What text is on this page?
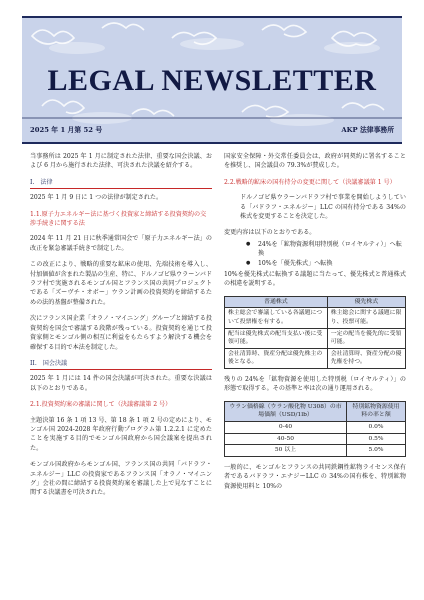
LEGAL NEWSLETTER
2025 年 1 月第 52 号	AKP 法律事務所

当事務所は 2025 年 1 月に制定された法律、重要な国会決議、および 6 月から施行された法律、可決された決議を紹介する。

I. 法律

2025 年 1 月 9 日に 1 つの法律が制定された。

1.1.原子力エネルギー法に基づく投資家と締結する投資契約の交渉手続きに関する法

2024 年 11 月 21 日に秋季通常国会で「原子力エネルギー法」の改正を緊急審議手続きで制定した。

この改正により、戦略的重要な鉱床の使用、先端技術を導入し、付加価値が含まれた製品の生産、特に、ドルノゴビ県ウラーンバドラフ村で実施されるモンゴル国とフランス国の共同プロジェクトである「ズーヴチ・オボー」ウラン計画の投資契約を締結するための法的基盤が整備された。

次にフランス国企業「オラノ・マイニング」グループと締結する投資契約を国会で審議する段階が残っている。投資契約を通じて投資家側とモンゴル側の相互に利益をもたらすよう解決する機会を確保する目的で本法を制定した。

II. 国会決議

2025 年 1 月には 14 件の国会決議が可決された。重要な決議は以下のとおりである。

2.1.投資契約案の審議に関して（決議審議第 2 号）

主題決第 16 条 1 項 13 号、第 18 条 1 項 2 号の定めにより、モンゴル国 2024-2028 年政府行動プログラム第 1.2.2.1 に定めたことを実施する目的でモンゴル国政府から国会議案を提出された。

モンゴル国政府からモンゴル国、フランス国の共同「バドラフ・エネルジー」LLC の投資家であるフランス国「オラノ・マイニング」会社の間に締結する投資契約案を審議した上で見なすことに関する決議書を可決された。

国家安全保障・外交常任委員会は、政府が同契約に署名することを推奨し、国会議員の 79.3%が賛成した。

2.2.戦略的鉱床の国有持分の変更に関して（決議審議第 1 号）

ドルノゴビ県ウラーンバドラフ村で事業を開始しようしている「バドラフ・エネルジー」LLC の国有持分である 34%の株式を変更することを決定した。

変更内容は以下のとおりである。

● 24%を「鉱物資源利用特別税（ロイヤルティ）」へ転換
● 10%を「優先株式」へ転換

10%を優先株式に転換する議題に当たって、優先株式と普通株式の相違を説明する。

普通株式	優先株式
株主総会で審議している各議題について投票権を有する。	株主総会に関する議題に限り、投票可能。
配当は優先株式の配当支払い後に受領可能。	一定の配当を優先的に受領可能。
会社清算時、資産分配は優先株主の後となる。	会社清算時、資産分配の優先権を持つ。

残りの 24%を「鉱物資源を使用した特別税（ロイヤルティ）」の形態で取得する。その基準と率は次の通り運用される。

ウラン価格線（ウラン酸化物 U308）の市場価額（USD/1lb）	特別鉱物資源使用料の率と額
0-40	0.0%
40-50	0.5%
50 以上	5.0%

一般的に、モンゴルとフランスの共同鉄鋼性鉱物ライセンス保有者であるバドラフ・エナジーLLC の 34%の国有株を、特別鉱物資源使用料と 10%の
